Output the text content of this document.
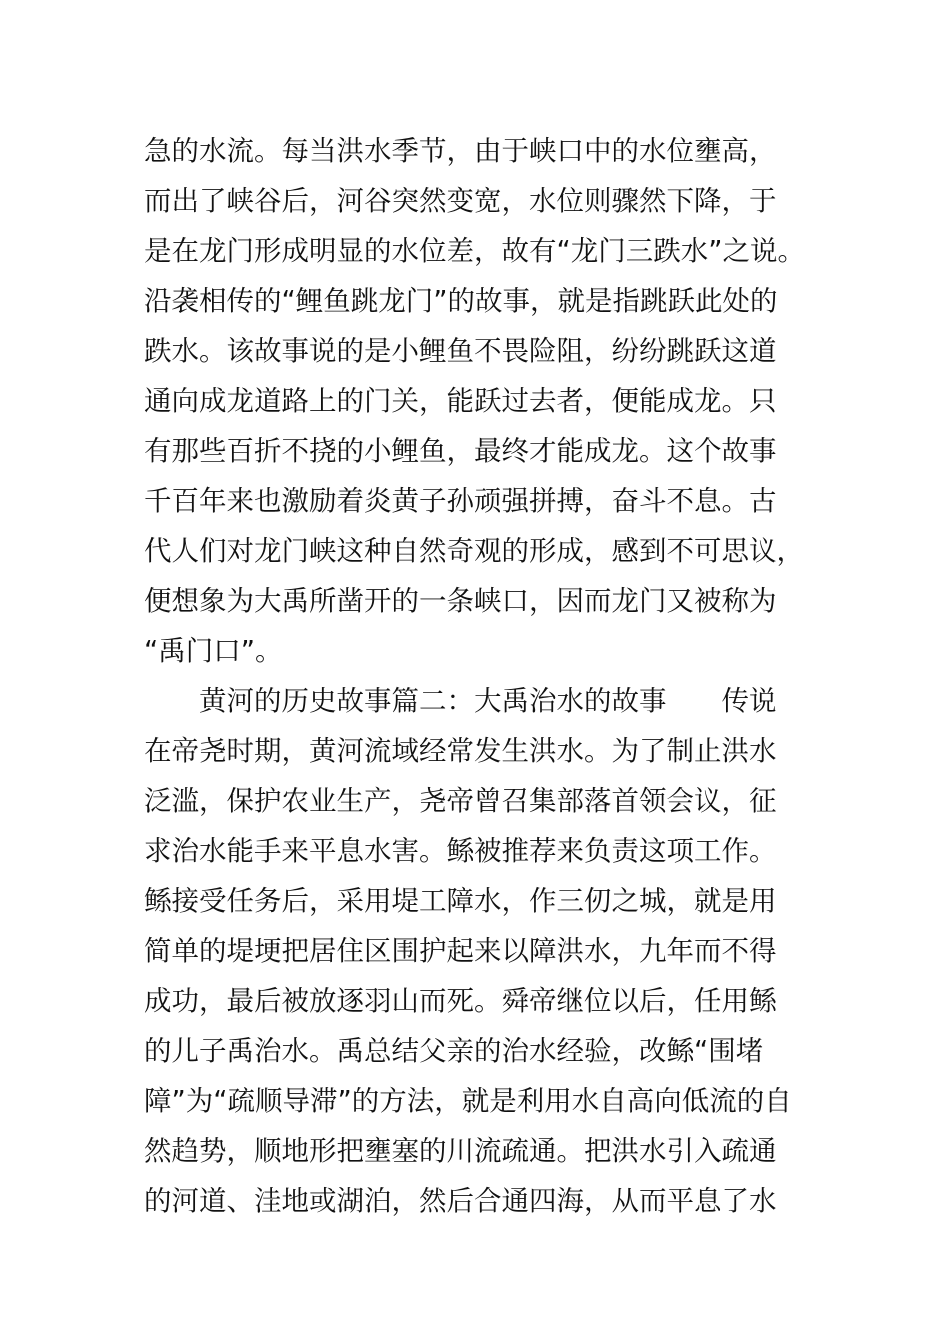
急的水流。每当洪水季节，由于峡口中的水位壅高，
而出了峡谷后，河谷突然变宽，水位则骤然下降，于
是在龙门形成明显的水位差，故有“龙门三跌水”之说。
沿袭相传的“鲤鱼跳龙门”的故事，就是指跳跃此处的
跌水。该故事说的是小鲤鱼不畏险阻，纷纷跳跃这道
通向成龙道路上的门关，能跃过去者，便能成龙。只
有那些百折不挠的小鲤鱼，最终才能成龙。这个故事
千百年来也激励着炎黄子孙顽强拼搏，奋斗不息。古
代人们对龙门峡这种自然奇观的形成，感到不可思议，
便想象为大禹所凿开的一条峡口，因而龙门又被称为
“禹门口”。
　　黄河的历史故事篇二：大禹治水的故事　　传说
在帝尧时期，黄河流域经常发生洪水。为了制止洪水
泛滥，保护农业生产，尧帝曾召集部落首领会议，征
求治水能手来平息水害。鲧被推荐来负责这项工作。
鲧接受任务后，采用堤工障水，作三仞之城，就是用
简单的堤埂把居住区围护起来以障洪水，九年而不得
成功，最后被放逐羽山而死。舜帝继位以后，任用鲧
的儿子禹治水。禹总结父亲的治水经验，改鲧“围堵
障”为“疏顺导滞”的方法，就是利用水自高向低流的自
然趋势，顺地形把壅塞的川流疏通。把洪水引入疏通
的河道、洼地或湖泊，然后合通四海，从而平息了水
